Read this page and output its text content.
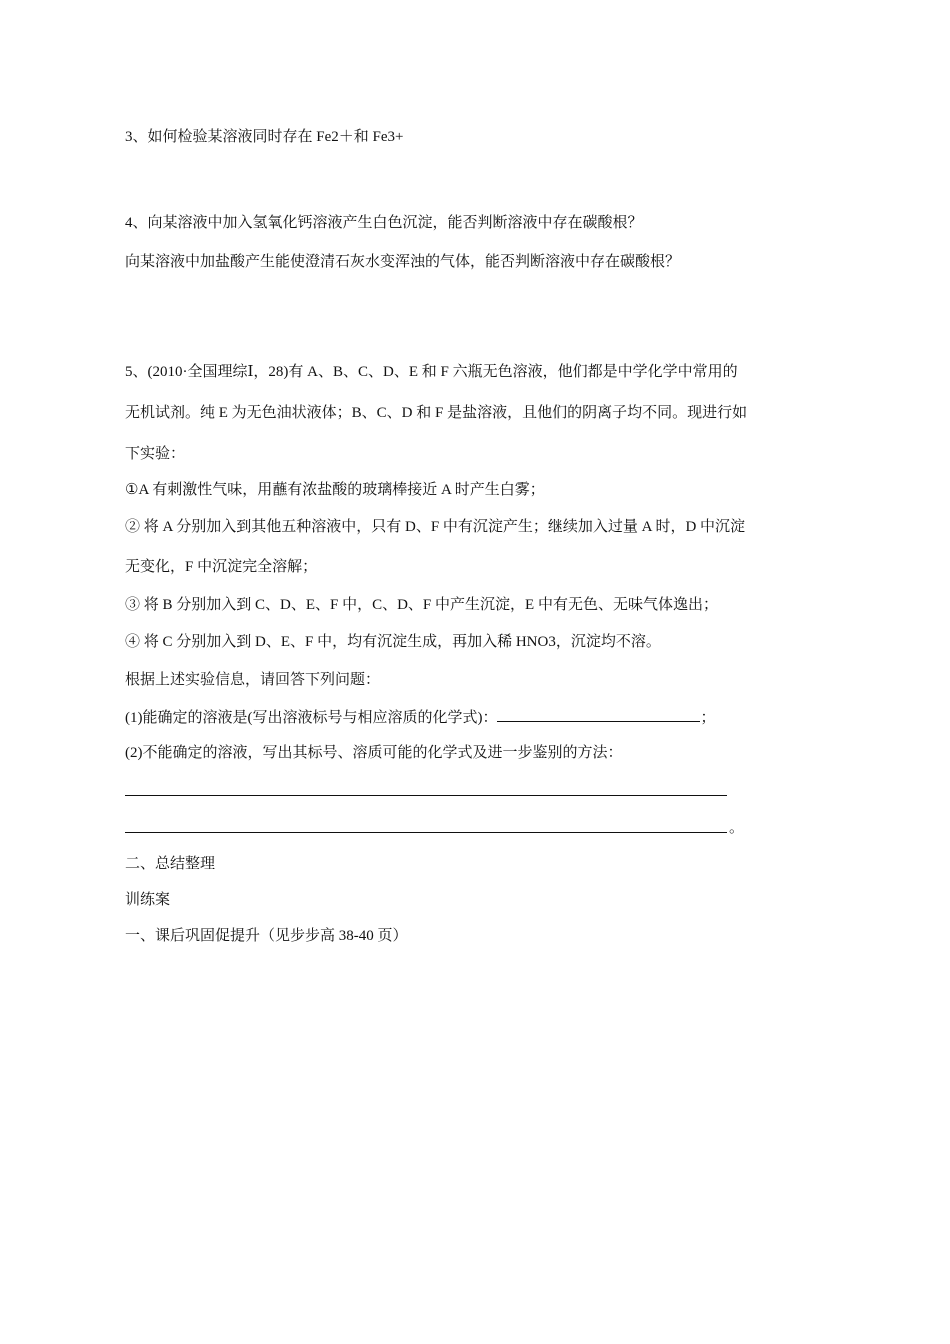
3、如何检验某溶液同时存在 Fe2＋和 Fe3+
4、向某溶液中加入氢氧化钙溶液产生白色沉淀，能否判断溶液中存在碳酸根？
向某溶液中加盐酸产生能使澄清石灰水变浑浊的气体，能否判断溶液中存在碳酸根？
5、(2010·全国理综Ⅰ，28)有 A、B、C、D、E 和 F 六瓶无色溶液，他们都是中学化学中常用的
无机试剂。纯 E 为无色油状液体；B、C、D 和 F 是盐溶液，且他们的阴离子均不同。现进行如
下实验：
①A 有刺激性气味，用蘸有浓盐酸的玻璃棒接近 A 时产生白雾；
② 将 A 分别加入到其他五种溶液中，只有 D、F 中有沉淀产生；继续加入过量 A 时，D 中沉淀
无变化，F 中沉淀完全溶解；
③ 将 B 分别加入到 C、D、E、F 中，C、D、F 中产生沉淀，E 中有无色、无味气体逸出；
④ 将 C 分别加入到 D、E、F 中，均有沉淀生成，再加入稀 HNO3，沉淀均不溶。
根据上述实验信息，请回答下列问题：
(1)能确定的溶液是(写出溶液标号与相应溶质的化学式)：	；
(2)不能确定的溶液，写出其标号、溶质可能的化学式及进一步鉴别的方法：
。
二、总结整理
训练案
一、课后巩固促提升（见步步高 38-40 页）
